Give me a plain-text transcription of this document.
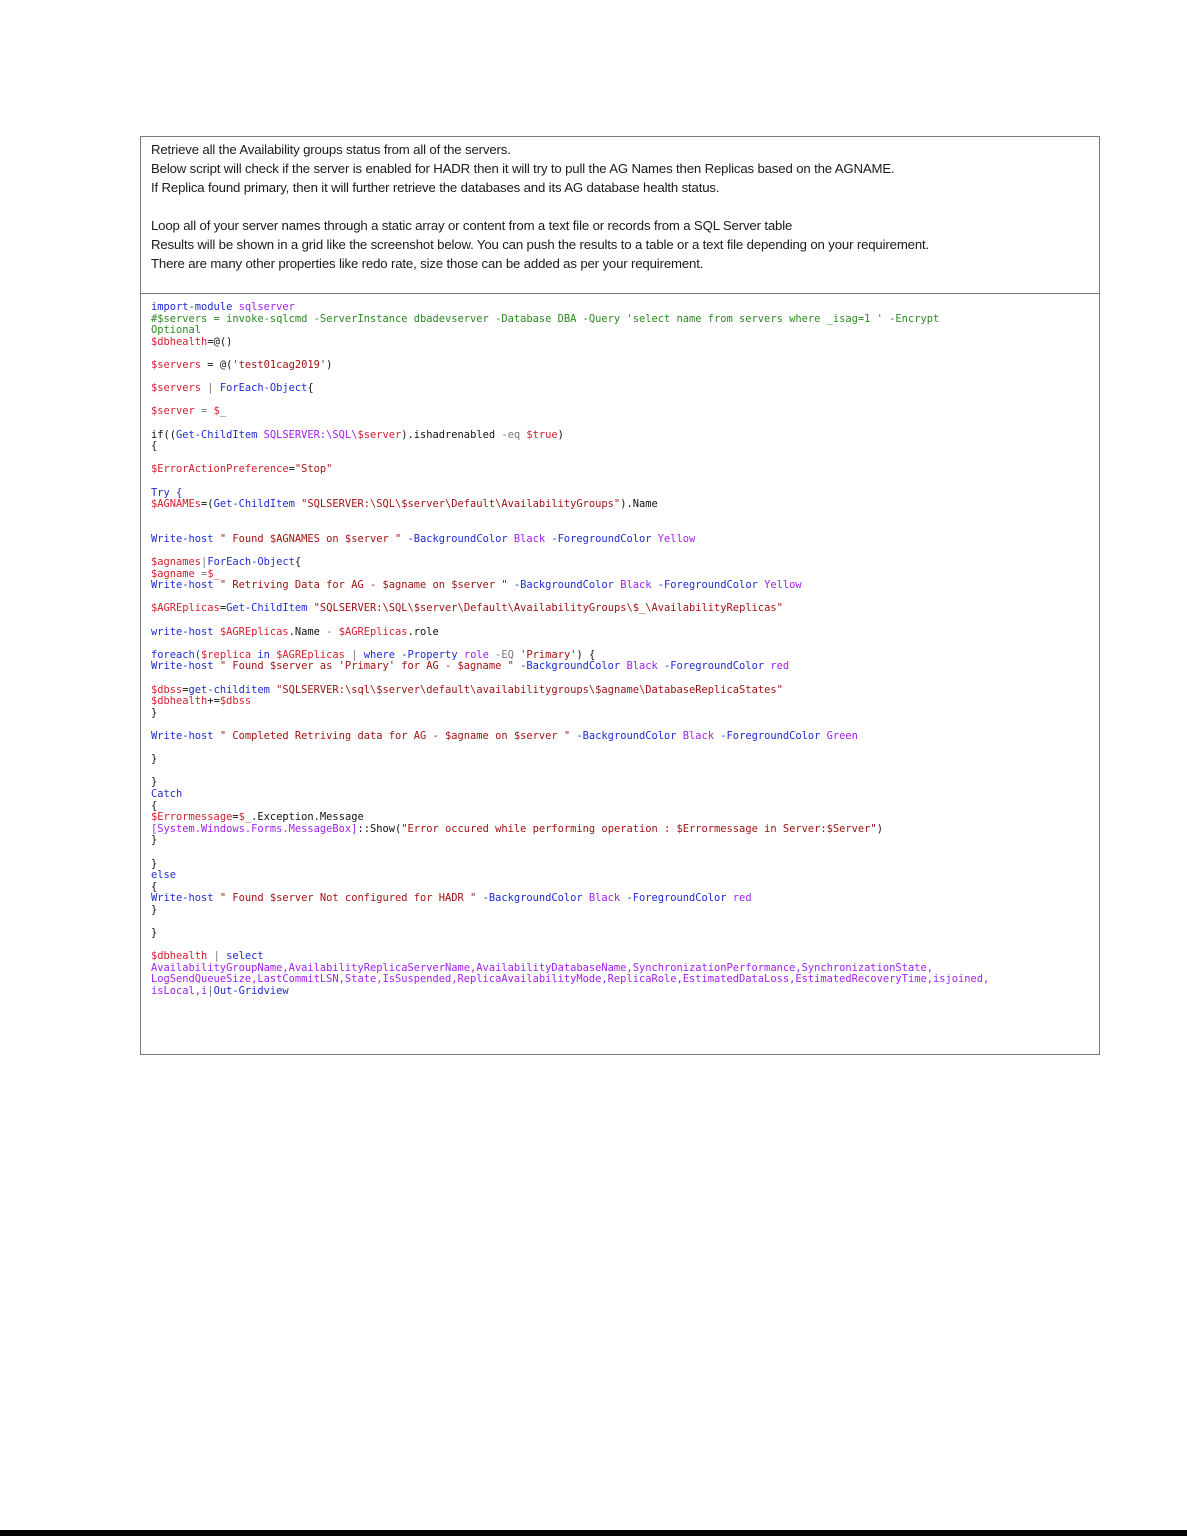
Retrieve all the Availability groups status from all of the servers.
Below script will check if the server is enabled for HADR then it will try to pull the AG Names then Replicas based on the AGNAME.
If Replica found primary, then it will further retrieve the databases and its AG database health status.
Loop all of your server names through a static array or content from a text file or records from a SQL Server table
Results will be shown in a grid like the screenshot below. You can push the results to a table or a text file depending on your requirement.
There are many other properties like redo rate, size those can be added as per your requirement.
import-module sqlserver
#$servers = invoke-sqlcmd -ServerInstance dbadevserver -Database DBA -Query 'select name from servers where _isag=1 ' -Encrypt
Optional
$dbhealth=@()
$servers = @('test01cag2019')
$servers | ForEach-Object{
$server = $_
if((Get-ChildItem SQLSERVER:\SQL\$server).ishadrenabled -eq $true)
{
$ErrorActionPreference="Stop"
Try {
$AGNAMEs=(Get-ChildItem "SQLSERVER:\SQL\$server\Default\AvailabilityGroups").Name
Write-host " Found $AGNAMES on $server " -BackgroundColor Black -ForegroundColor Yellow
$agnames|ForEach-Object{
$agname =$_
Write-host " Retriving Data for AG - $agname on $server " -BackgroundColor Black -ForegroundColor Yellow
$AGREplicas=Get-ChildItem "SQLSERVER:\SQL\$server\Default\AvailabilityGroups\$_\AvailabilityReplicas"
write-host $AGREplicas.Name - $AGREplicas.role
foreach($replica in $AGREplicas | where -Property role -EQ 'Primary') {
Write-host " Found $server as 'Primary' for AG - $agname " -BackgroundColor Black -ForegroundColor red
$dbss=get-childitem "SQLSERVER:\sql\$server\default\availabilitygroups\$agname\DatabaseReplicaStates"
$dbhealth+=$dbss
}
Write-host " Completed Retriving data for AG - $agname on $server " -BackgroundColor Black -ForegroundColor Green
}
}
Catch
{
$Errormessage=$_.Exception.Message
[System.Windows.Forms.MessageBox]::Show("Error occured while performing operation : $Errormessage in Server:$Server")
}
}
else
{
Write-host " Found $server Not configured for HADR " -BackgroundColor Black -ForegroundColor red
}
}
$dbhealth | select
AvailabilityGroupName,AvailabilityReplicaServerName,AvailabilityDatabaseName,SynchronizationPerformance,SynchronizationState,
LogSendQueueSize,LastCommitLSN,State,IsSuspended,ReplicaAvailabilityMode,ReplicaRole,EstimatedDataLoss,EstimatedRecoveryTime,isjoined,
isLocal,i|Out-Gridview
